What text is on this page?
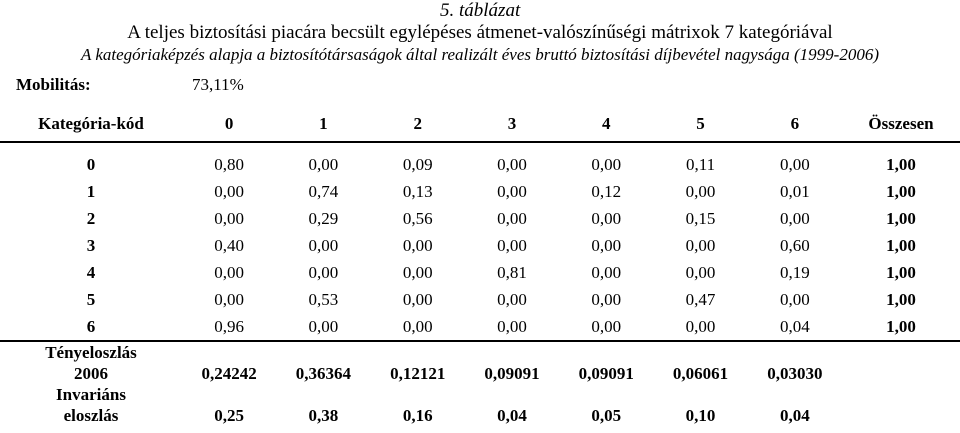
5. táblázat
A teljes biztosítási piacára becsült egylépéses átmenet-valószínűségi mátrixok 7 kategóriával
A kategóriaképzés alapja a biztosítótársaságok által realizált éves bruttó biztosítási díjbevétel nagysága (1999-2006)
Mobilitás:	73,11%
Kategória-kód	0	1	2	3	4	5	6	Összesen

0	0,80	0,00	0,09	0,00	0,00	0,11	0,00	1,00
1	0,00	0,74	0,13	0,00	0,12	0,00	0,01	1,00
2	0,00	0,29	0,56	0,00	0,00	0,15	0,00	1,00
3	0,40	0,00	0,00	0,00	0,00	0,00	0,60	1,00
4	0,00	0,00	0,00	0,81	0,00	0,00	0,19	1,00
5	0,00	0,53	0,00	0,00	0,00	0,47	0,00	1,00
6	0,96	0,00	0,00	0,00	0,00	0,00	0,04	1,00

Tényeloszlás
2006	0,24242	0,36364	0,12121	0,09091	0,09091	0,06061	0,03030	

Invariáns
eloszlás	0,25	0,38	0,16	0,04	0,05	0,10	0,04	
